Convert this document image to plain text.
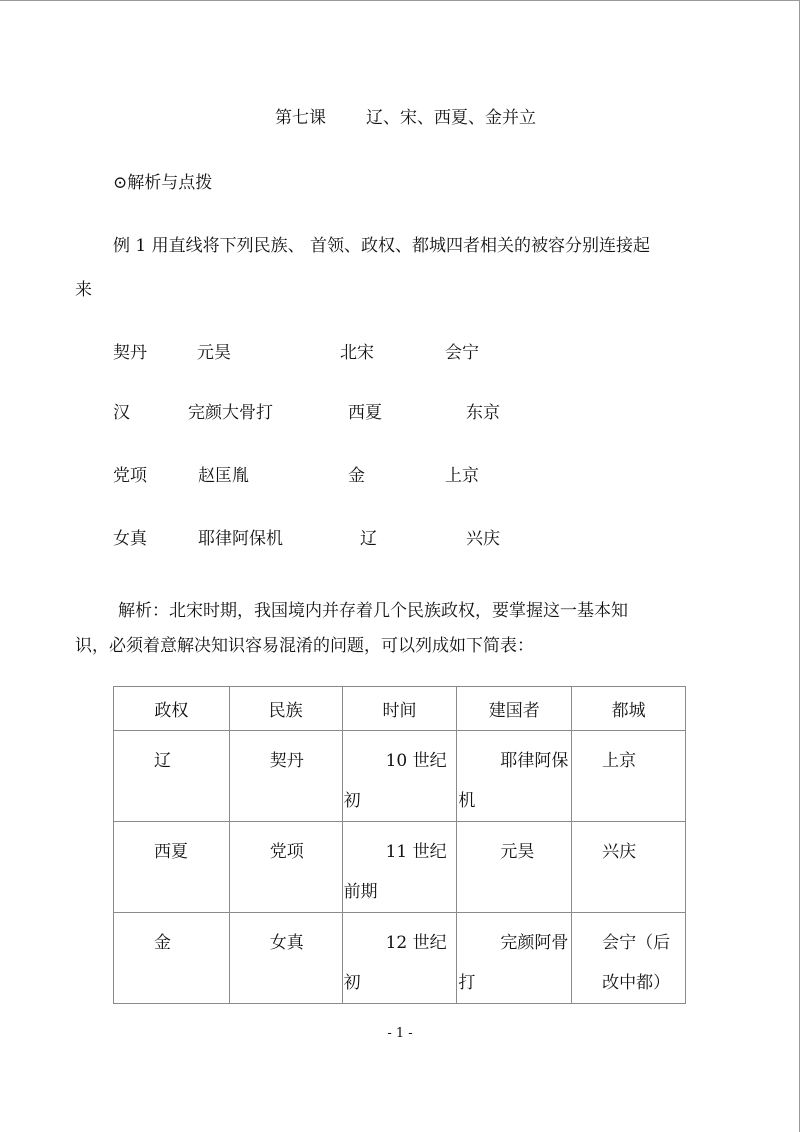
第七课 辽、宋、西夏、金并立
⊙解析与点拨
例 1 用直线将下列民族、 首领、政权、都城四者相关的被容分别连接起
来
契丹	元昊	北宋	会宁
汉	完颜大骨打	西夏	东京
党项	赵匡胤	金	上京
女真	耶律阿保机	辽	兴庆
解析：北宋时期，我国境内并存着几个民族政权，要掌握这一基本知
识，必须着意解决知识容易混淆的问题，可以列成如下简表：
政权	民族	时间	建国者	都城

辽	契丹	10 世纪初	耶律阿保机	上京

西夏	党项	11 世纪前期	元昊	兴庆

金	女真	12 世纪初	完颜阿骨打	会宁（后改中都）
- 1 -
